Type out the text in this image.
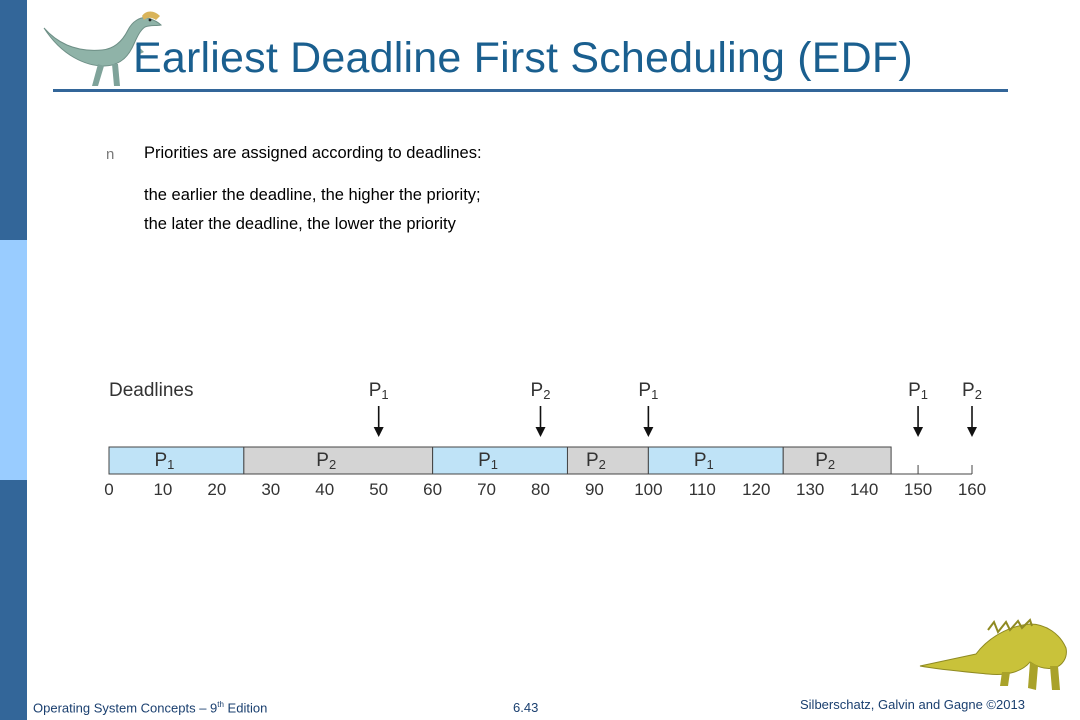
Earliest Deadline First Scheduling (EDF)
n Priorities are assigned according to deadlines:
the earlier the deadline, the higher the priority;
the later the deadline, the lower the priority
Deadlines	P1	P2	P1	P1 P2
P1	P2	P1	P2	P1	P2
0 10 20 30 40 50 60 70 80 90 100 110 120 130 140 150 160
Operating System Concepts – 9th Edition	6.43	Silberschatz, Galvin and Gagne ©2013
